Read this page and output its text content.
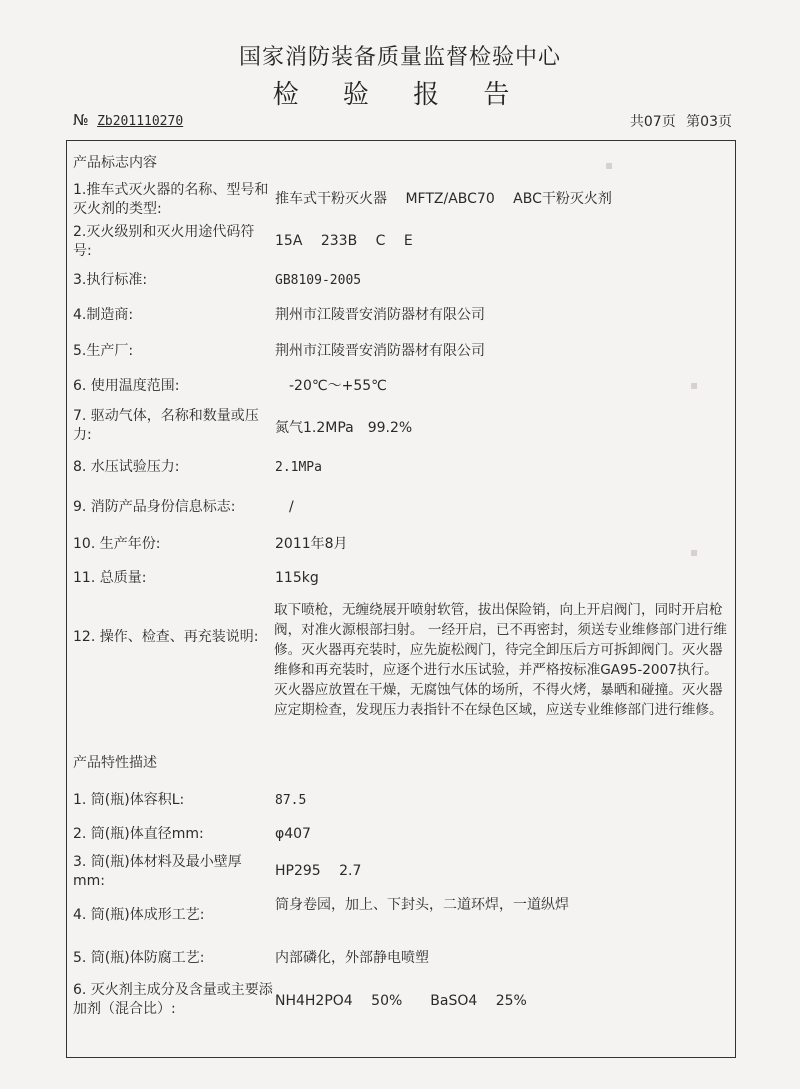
国家消防装备质量监督检验中心
检 验 报 告
№ Zb201110270	共07页 第03页
▪
▪
▪
产品标志内容
1.推车式灭火器的名称、型号和灭火剂的类型:
推车式干粉灭火器　 MFTZ/ABC70　 ABC干粉灭火剂
2.灭火级别和灭火用途代码符号:
15A　 233B　 C　 E
3.执行标准:	GB8109-2005
4.制造商:	荆州市江陵晋安消防器材有限公司
5.生产厂:	荆州市江陵晋安消防器材有限公司
6. 使用温度范围:	　-20℃～+55℃
7. 驱动气体，名称和数量或压力:	氮气1.2MPa　99.2%
8. 水压试验压力:	2.1MPa
9. 消防产品身份信息标志:	　/
10. 生产年份:	2011年8月
11. 总质量:	115kg
12. 操作、检查、再充装说明:
取下喷枪，无缠绕展开喷射软管，拔出保险销，向上开启阀门，同时开启枪阀，对准火源根部扫射。 一经开启，已不再密封，须送专业维修部门进行维修。灭火器再充装时，应先旋松阀门，待完全卸压后方可拆卸阀门。灭火器维修和再充装时，应逐个进行水压试验，并严格按标准GA95-2007执行。灭火器应放置在干燥，无腐蚀气体的场所，不得火烤，暴晒和碰撞。灭火器应定期检查，发现压力表指针不在绿色区域，应送专业维修部门进行维修。
产品特性描述
1. 筒(瓶)体容积L:	87.5
2. 筒(瓶)体直径mm:	φ407
3. 筒(瓶)体材料及最小壁厚mm:
HP295　 2.7
4. 筒(瓶)体成形工艺:
筒身卷园，加上、下封头，二道环焊，一道纵焊
5. 筒(瓶)体防腐工艺:	内部磷化，外部静电喷塑
6. 灭火剂主成分及含量或主要添加剂（混合比）:	NH4H2PO4　 50%　　BaSO4　 25%
